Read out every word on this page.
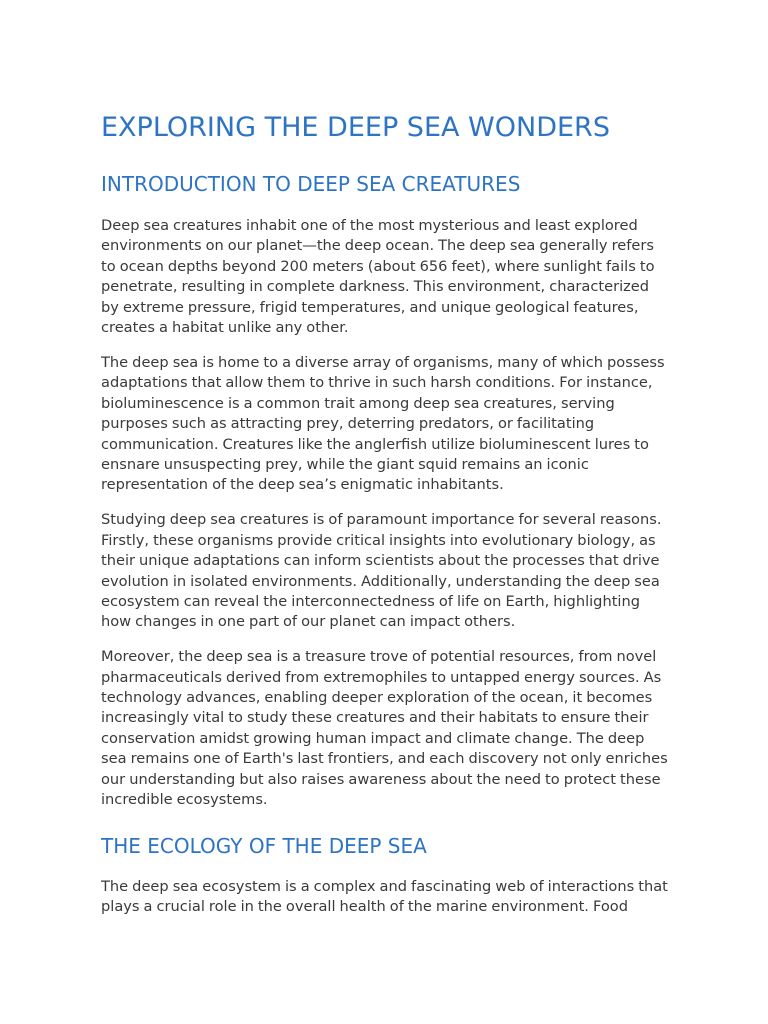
EXPLORING THE DEEP SEA WONDERS
INTRODUCTION TO DEEP SEA CREATURES

Deep sea creatures inhabit one of the most mysterious and least explored environments on our planet—the deep ocean. The deep sea generally refers to ocean depths beyond 200 meters (about 656 feet), where sunlight fails to penetrate, resulting in complete darkness. This environment, characterized by extreme pressure, frigid temperatures, and unique geological features, creates a habitat unlike any other.

The deep sea is home to a diverse array of organisms, many of which possess adaptations that allow them to thrive in such harsh conditions. For instance, bioluminescence is a common trait among deep sea creatures, serving purposes such as attracting prey, deterring predators, or facilitating communication. Creatures like the anglerfish utilize bioluminescent lures to ensnare unsuspecting prey, while the giant squid remains an iconic representation of the deep sea’s enigmatic inhabitants.

Studying deep sea creatures is of paramount importance for several reasons. Firstly, these organisms provide critical insights into evolutionary biology, as their unique adaptations can inform scientists about the processes that drive evolution in isolated environments. Additionally, understanding the deep sea ecosystem can reveal the interconnectedness of life on Earth, highlighting how changes in one part of our planet can impact others.

Moreover, the deep sea is a treasure trove of potential resources, from novel pharmaceuticals derived from extremophiles to untapped energy sources. As technology advances, enabling deeper exploration of the ocean, it becomes increasingly vital to study these creatures and their habitats to ensure their conservation amidst growing human impact and climate change. The deep sea remains one of Earth's last frontiers, and each discovery not only enriches our understanding but also raises awareness about the need to protect these incredible ecosystems.

THE ECOLOGY OF THE DEEP SEA

The deep sea ecosystem is a complex and fascinating web of interactions that plays a crucial role in the overall health of the marine environment. Food
